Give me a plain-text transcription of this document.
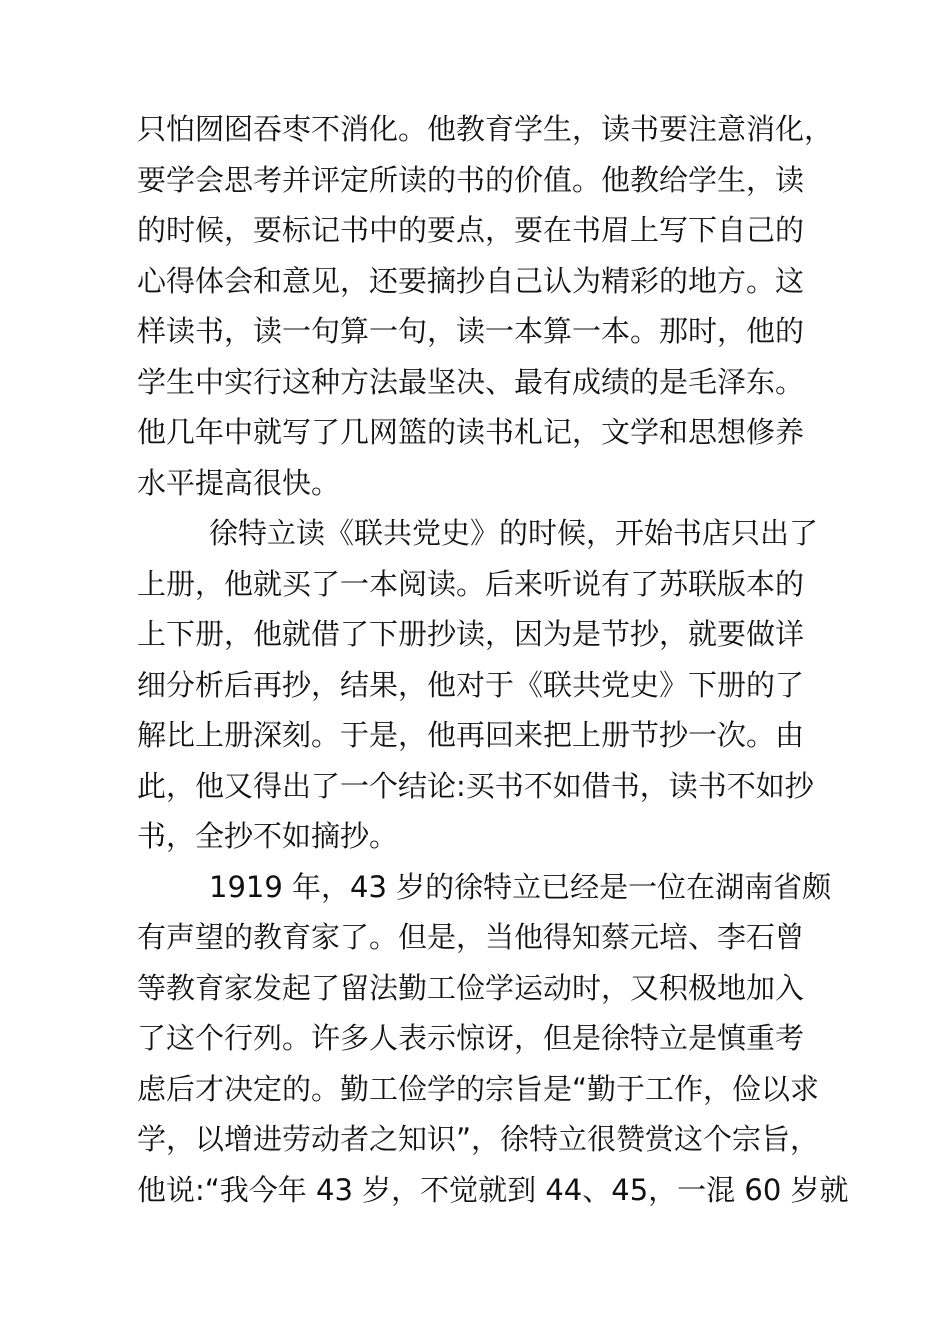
只怕囫囵吞枣不消化。他教育学生，读书要注意消化，
要学会思考并评定所读的书的价值。他教给学生，读
的时候，要标记书中的要点，要在书眉上写下自己的
心得体会和意见，还要摘抄自己认为精彩的地方。这
样读书，读一句算一句，读一本算一本。那时，他的
学生中实行这种方法最坚决、最有成绩的是毛泽东。
他几年中就写了几网篮的读书札记，文学和思想修养
水平提高很快。
徐特立读《联共党史》的时候，开始书店只出了
上册，他就买了一本阅读。后来听说有了苏联版本的
上下册，他就借了下册抄读，因为是节抄，就要做详
细分析后再抄，结果，他对于《联共党史》下册的了
解比上册深刻。于是，他再回来把上册节抄一次。由
此，他又得出了一个结论:买书不如借书，读书不如抄
书，全抄不如摘抄。
1919 年，43 岁的徐特立已经是一位在湖南省颇
有声望的教育家了。但是，当他得知蔡元培、李石曾
等教育家发起了留法勤工俭学运动时，又积极地加入
了这个行列。许多人表示惊讶，但是徐特立是慎重考
虑后才决定的。勤工俭学的宗旨是“勤于工作，俭以求
学，以增进劳动者之知识”，徐特立很赞赏这个宗旨，
他说:“我今年 43 岁，不觉就到 44、45，一混 60 岁就
